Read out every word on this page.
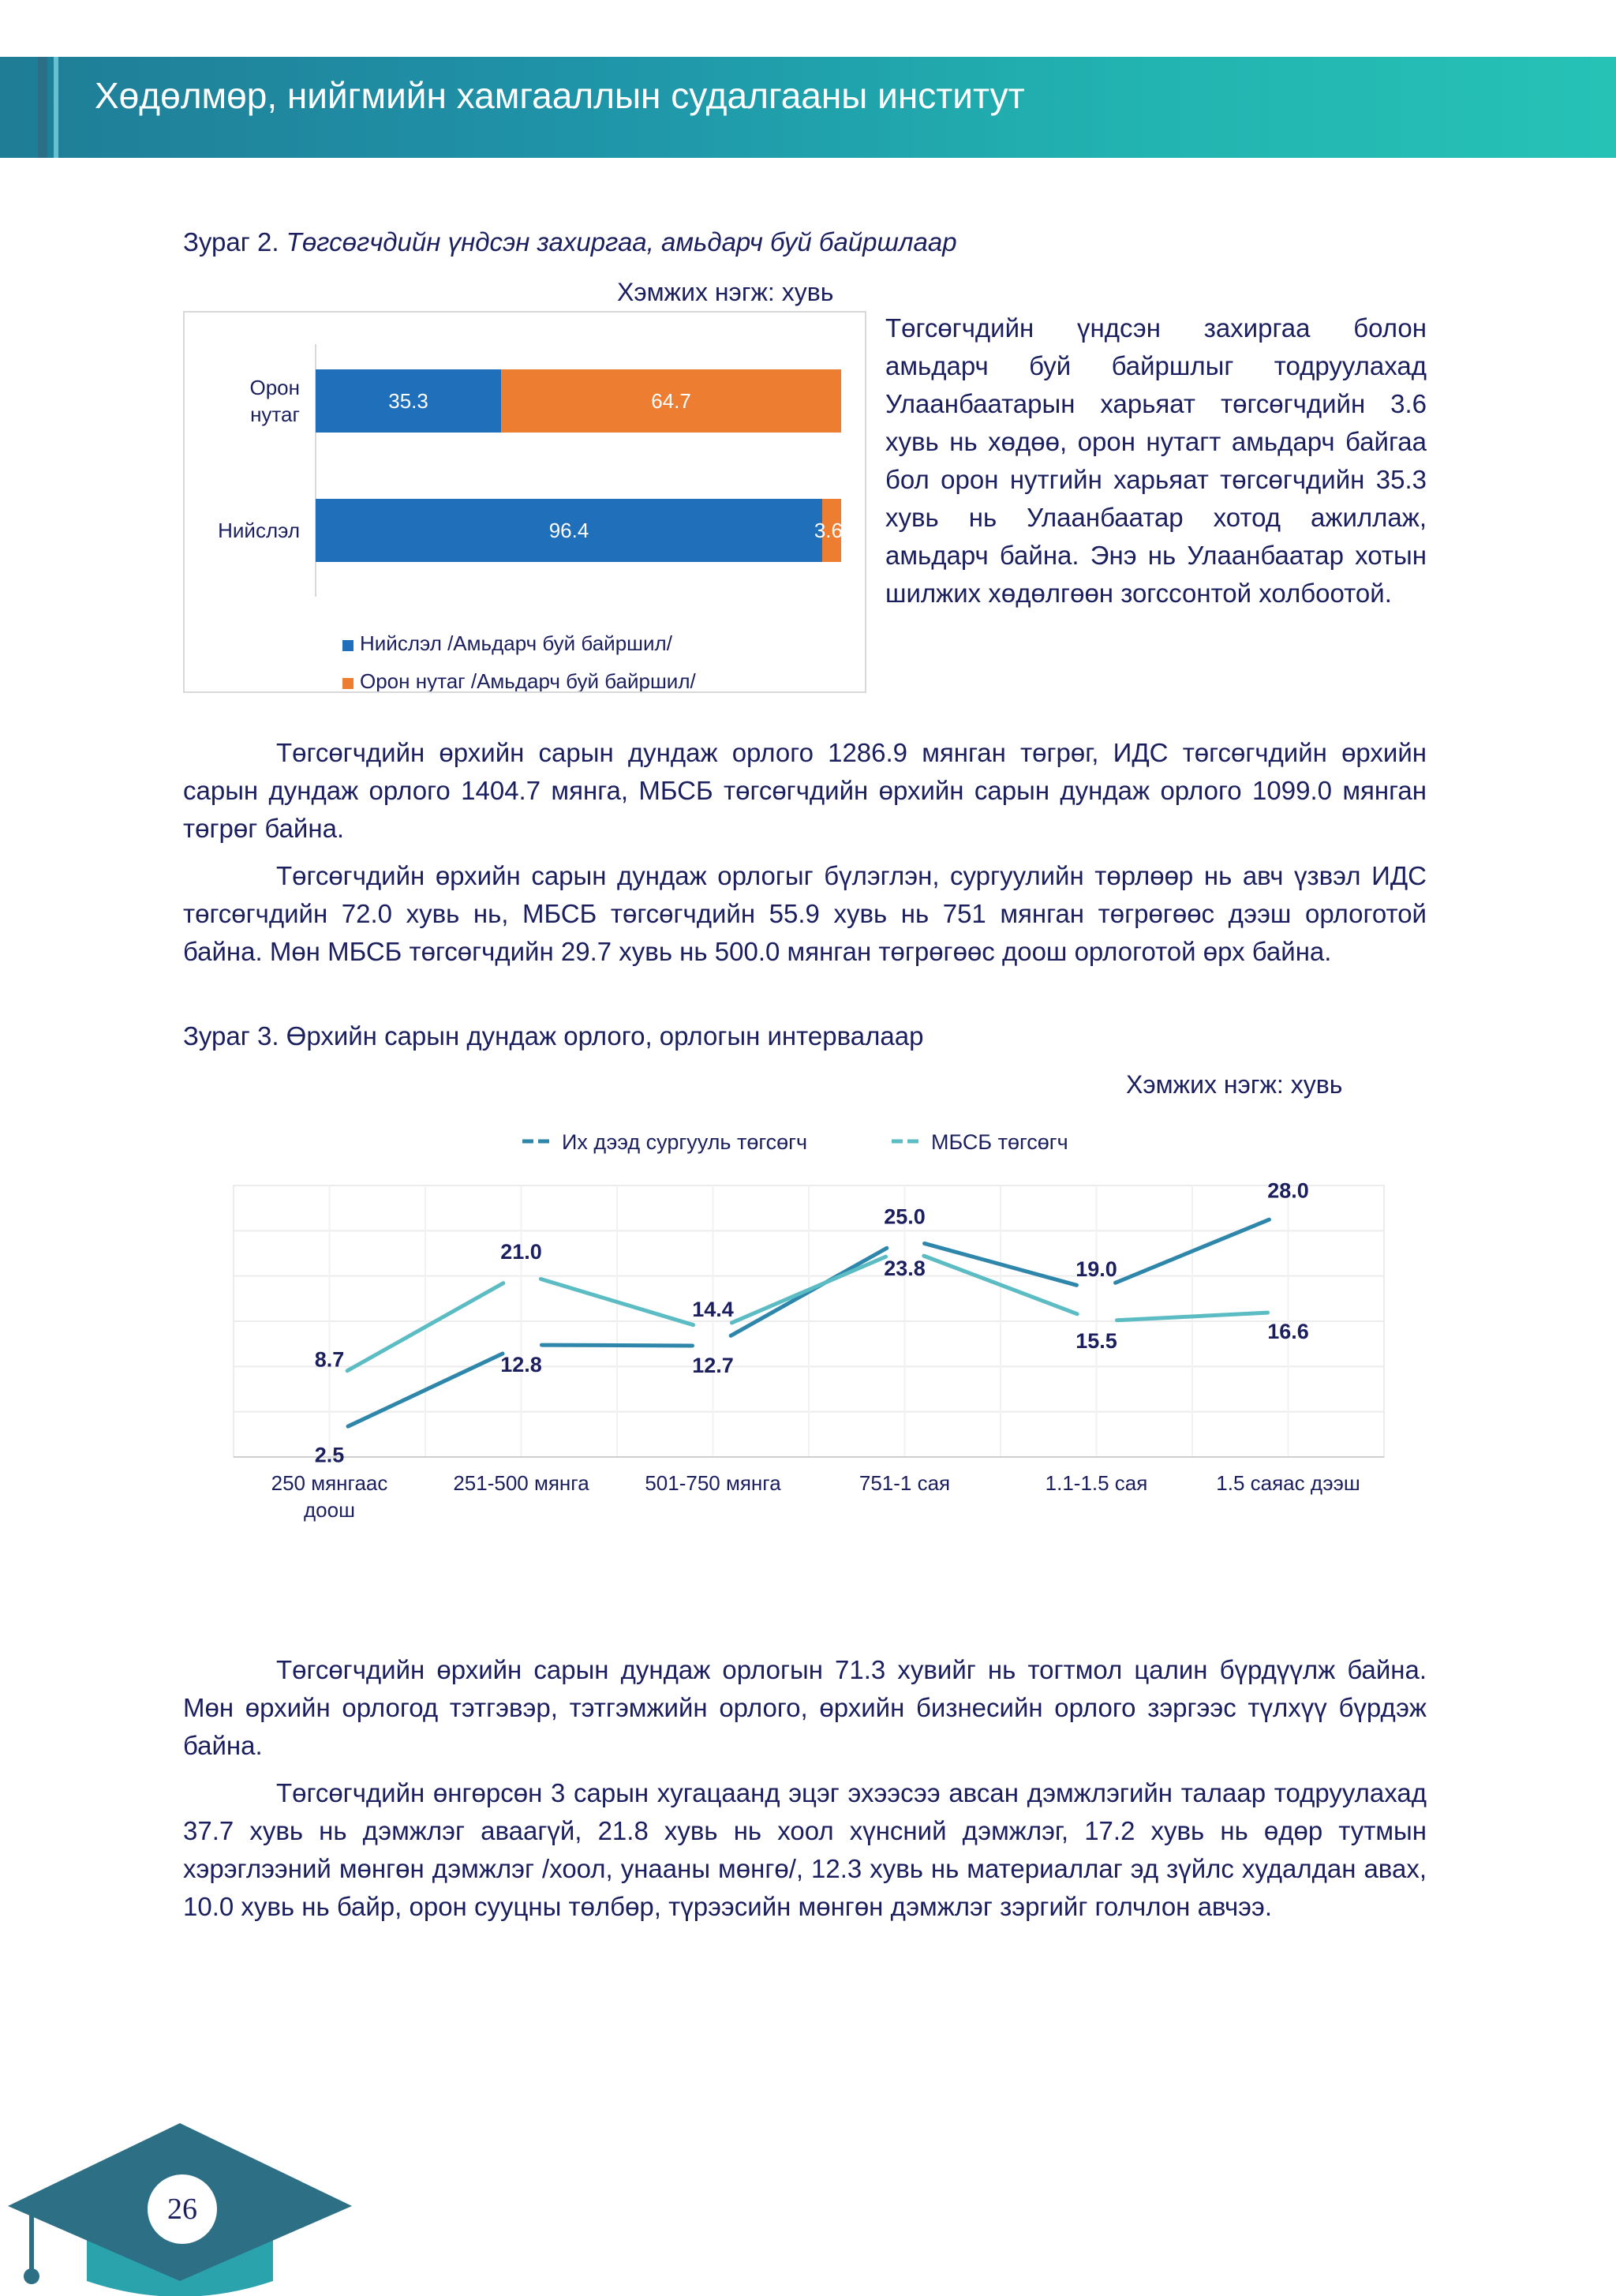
Хөдөлмөр, нийгмийн хамгааллын судалгааны институт
Зураг 2. Төгсөгчдийн үндсэн захиргаа, амьдарч буй байршлаар
Хэмжих нэгж: хувь
Орон нутаг
Нийслэл
Нийслэл /Амьдарч буй байршил/
Орон нутаг /Амьдарч буй байршил/
35.3	64.7
96.4	3.6
Төгсөгчдийн үндсэн захиргаа болон амьдарч буй байршлыг тодруулахад Улаанбаатарын харьяат төгсөгчдийн 3.6 хувь нь хөдөө, орон нутагт амьдарч байгаа бол орон нутгийн харьяат төгсөгчдийн 35.3 хувь нь Улаанбаатар хотод ажиллаж, амьдарч байна. Энэ нь Улаанбаатар хотын шилжих хөдөлгөөн зогссонтой холбоотой.

Төгсөгчдийн өрхийн сарын дундаж орлого 1286.9 мянган төгрөг, ИДС төгсөгчдийн өрхийн сарын дундаж орлого 1404.7 мянга, МБСБ төгсөгчдийн өрхийн сарын дундаж орлого 1099.0 мянган төгрөг байна.

Төгсөгчдийн өрхийн сарын дундаж орлогыг бүлэглэн, сургуулийн төрлөөр нь авч үзвэл ИДС төгсөгчдийн 72.0 хувь нь, МБСБ төгсөгчдийн 55.9 хувь нь 751 мянган төгрөгөөс дээш орлоготой байна. Мөн МБСБ төгсөгчдийн 29.7 хувь нь 500.0 мянган төгрөгөөс доош орлоготой өрх байна.

Зураг 3. Өрхийн сарын дундаж орлого, орлогын интервалаар
Хэмжих нэгж: хувь
Их дээд сургууль төгсөгч	МБСБ төгсөгч
250 мянгаас доош
251-500 мянга	501-750 мянга	751-1 сая	1.1-1.5 сая	1.5 саяас дээш
2.5
8.7	12.8
21.0
12.7
14.4
25.0
23.8	19.0
15.5
28.0
16.6

Төгсөгчдийн өрхийн сарын дундаж орлогын 71.3 хувийг нь тогтмол цалин бүрдүүлж байна. Мөн өрхийн орлогод тэтгэвэр, тэтгэмжийн орлого, өрхийн бизнесийн орлого зэргээс түлхүү бүрдэж байна.

Төгсөгчдийн өнгөрсөн 3 сарын хугацаанд эцэг эхээсээ авсан дэмжлэгийн талаар тодруулахад 37.7 хувь нь дэмжлэг аваагүй, 21.8 хувь нь хоол хүнсний дэмжлэг, 17.2 хувь нь өдөр тутмын хэрэглээний мөнгөн дэмжлэг /хоол, унааны мөнгө/, 12.3 хувь нь материаллаг эд зүйлс худалдан авах, 10.0 хувь нь байр, орон сууцны төлбөр, түрээсийн мөнгөн дэмжлэг зэргийг голчлон авчээ.

26
